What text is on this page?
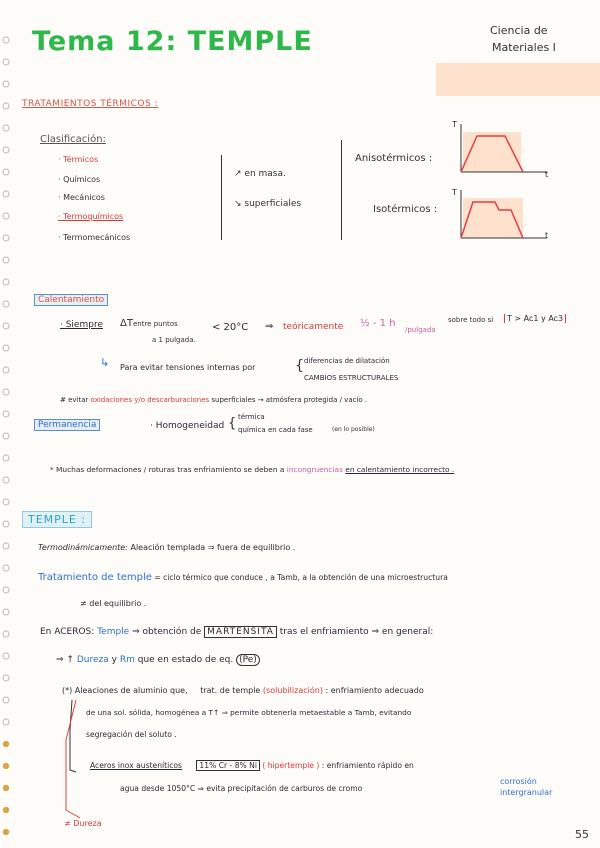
Tema 12: TEMPLE	Ciencia de
Materiales I
TRATAMIENTOS TÉRMICOS :
Clasificación:
· Térmicos
· Químicos
· Mecánicos
· Termoquímicos
· Termomecánicos
↗ en masa.
↘ superficiales
Anisotérmicos :
Isotérmicos :
T
t
T
t
Calentamiento
· Siempre ΔTentre puntos
a 1 pulgada.
< 20°C ⇒ teóricamente ½ - 1 h
/pulgada
sobre todo si	T > Ac1 y Ac3
↳ Para evitar tensiones internas por	{ diferencias de dilatación
CAMBIOS ESTRUCTURALES
# evitar oxidaciones y/o descarburaciones superficiales → atmósfera protegida / vacío .
Permanencia	· Homogeneidad { térmica
química en cada fase	(en lo posible)
* Muchas deformaciones / roturas tras enfriamiento se deben a incongruencias en calentamiento incorrecto .
TEMPLE :
Termodinámicamente: Aleación templada ⇒ fuera de equilibrio .
Tratamiento de temple = ciclo térmico que conduce , a Tamb, a la obtención de una microestructura
≠ del equilibrio .
En ACEROS: Temple ⇒ obtención de MARTENSITA tras el enfriamiento ⇒ en general:
⇒ ↑ Dureza y Rm que en estado de eq. (Pe)
(*) Aleaciones de aluminio que, trat. de temple (solubilización) : enfriamiento adecuado
de una sol. sólida, homogénea a T↑ ⇒ permite obtenerla metaestable a Tamb, evitando
segregación del soluto .
Aceros inox austeníticos 11% Cr - 8% Ni ( hipertemple ) : enfriamiento rápido en
agua desde 1050°C ⇒ evita precipitación de carburos de cromo
corrosión intergranular
≠ Dureza
55
